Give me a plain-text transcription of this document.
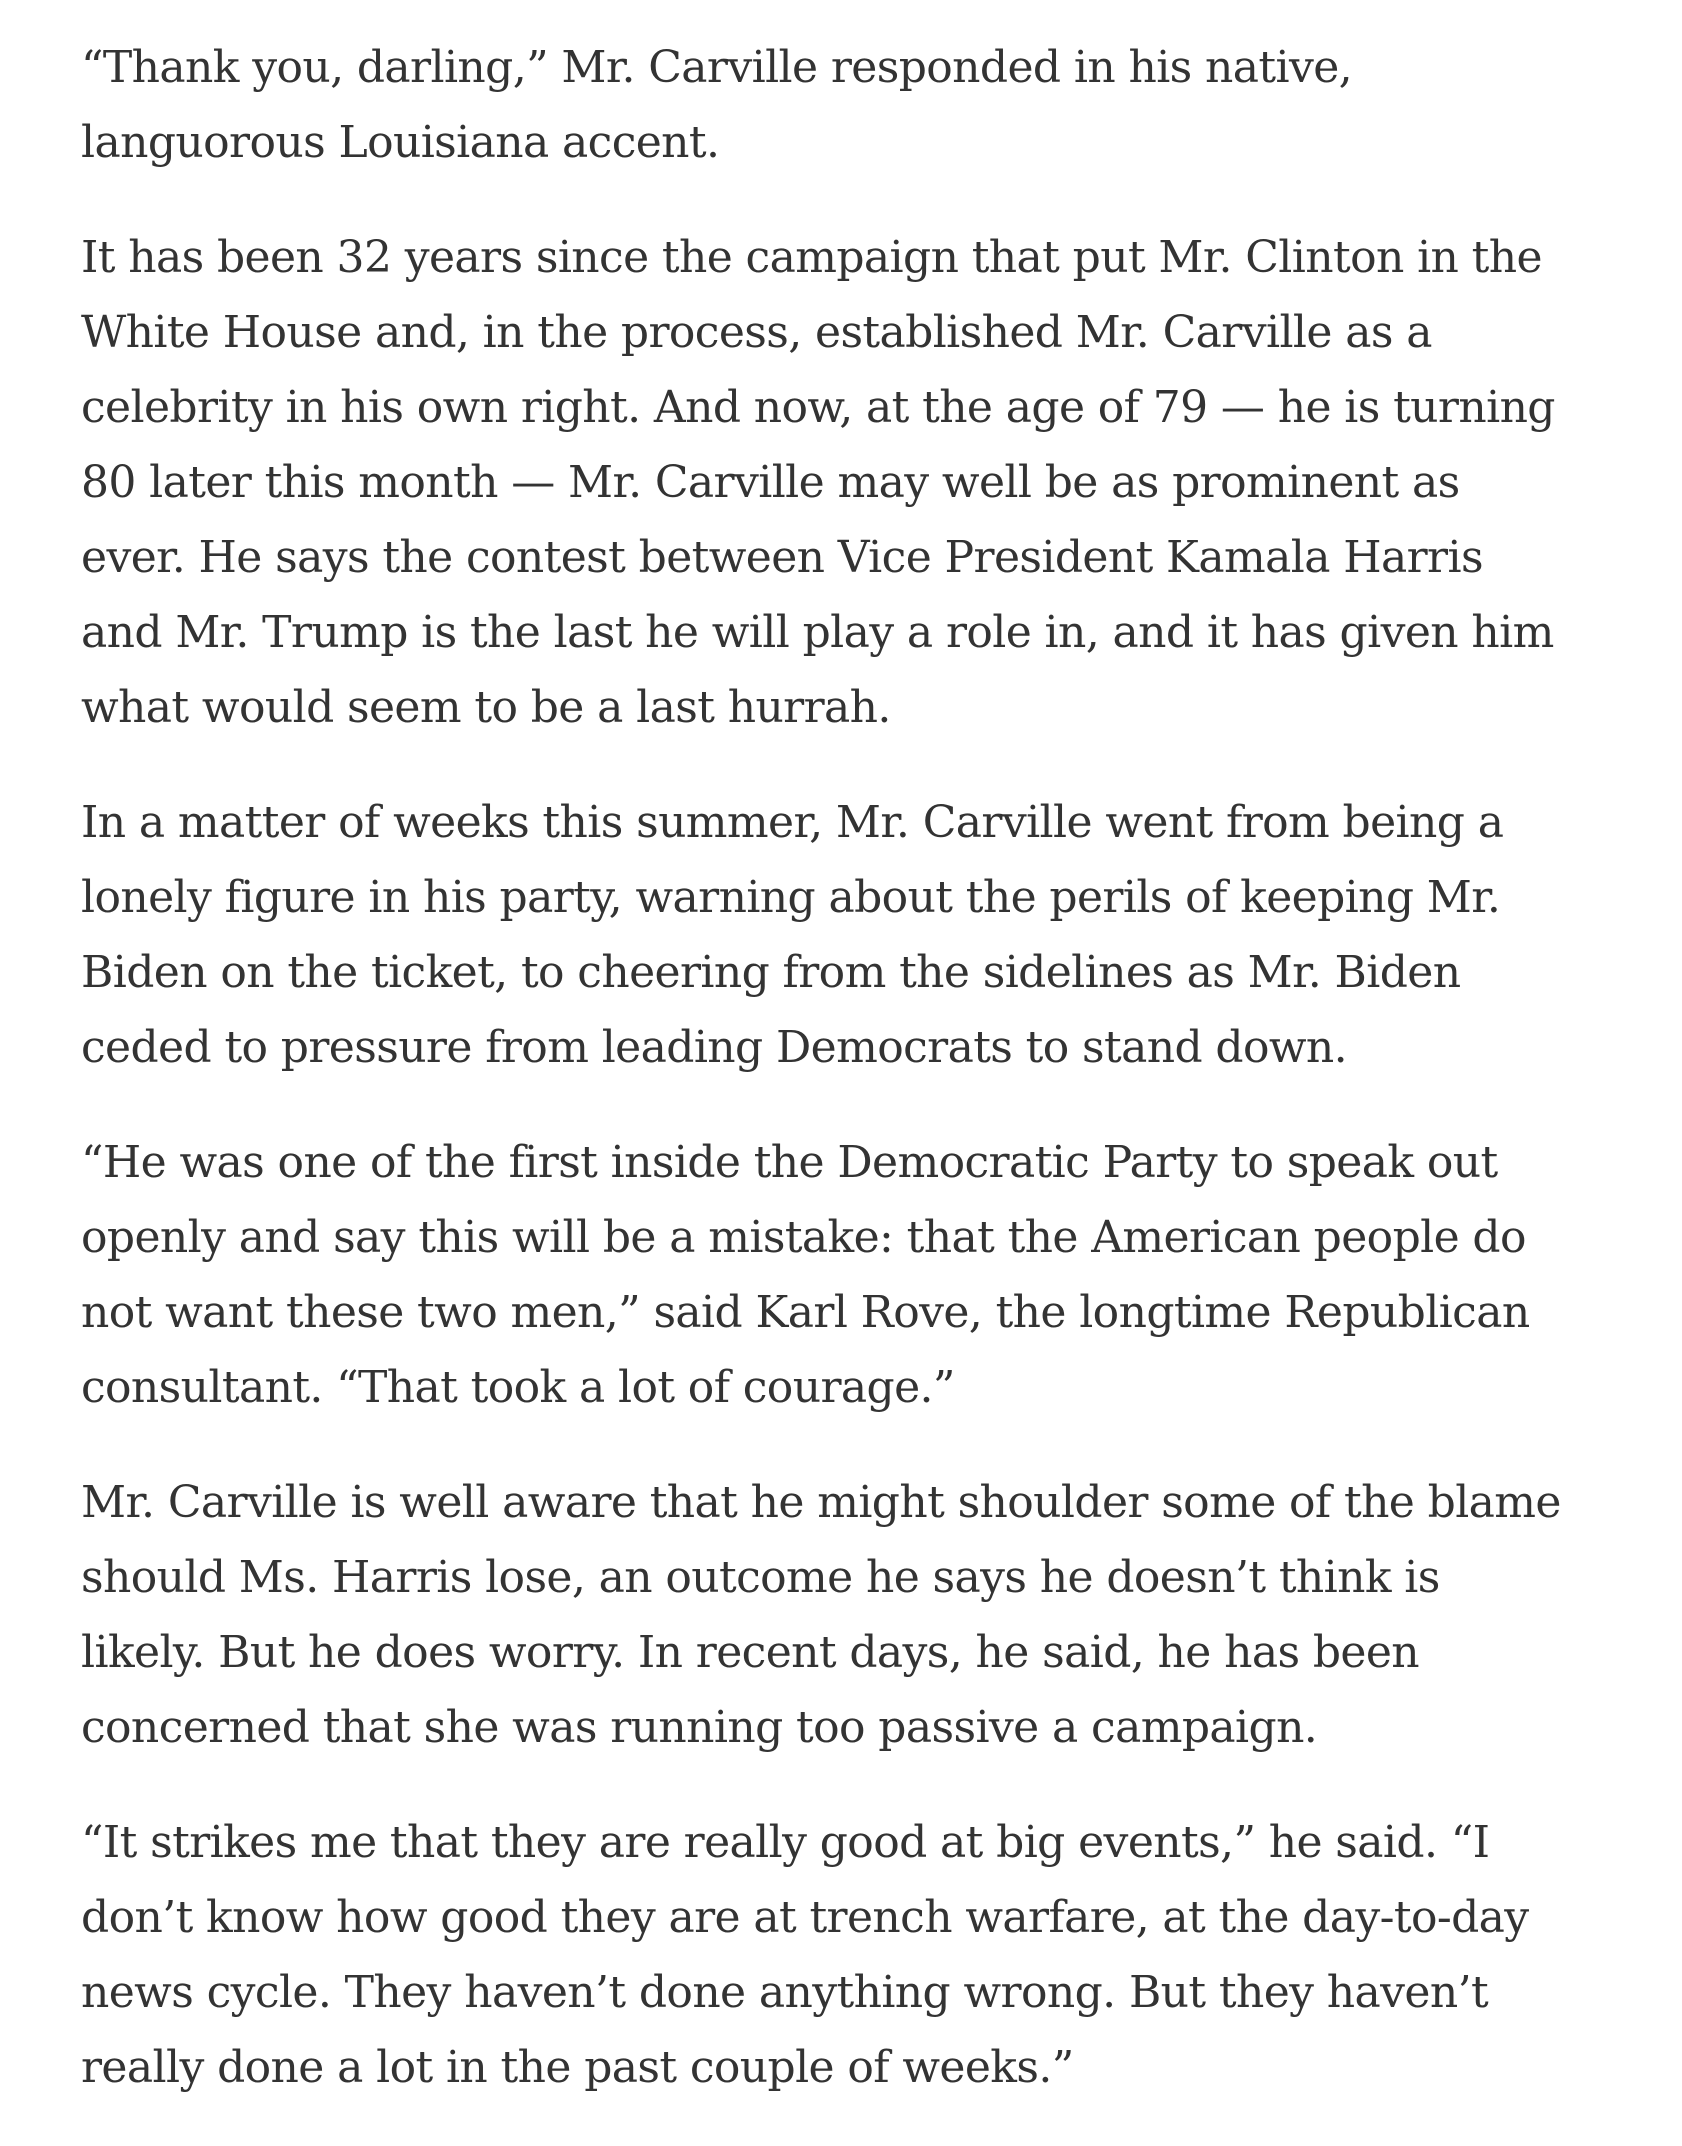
“Thank you, darling,” Mr. Carville responded in his native,
languorous Louisiana accent.

It has been 32 years since the campaign that put Mr. Clinton in the
White House and, in the process, established Mr. Carville as a
celebrity in his own right. And now, at the age of 79 — he is turning
80 later this month — Mr. Carville may well be as prominent as
ever. He says the contest between Vice President Kamala Harris
and Mr. Trump is the last he will play a role in, and it has given him
what would seem to be a last hurrah.

In a matter of weeks this summer, Mr. Carville went from being a
lonely figure in his party, warning about the perils of keeping Mr.
Biden on the ticket, to cheering from the sidelines as Mr. Biden
ceded to pressure from leading Democrats to stand down.

“He was one of the first inside the Democratic Party to speak out
openly and say this will be a mistake: that the American people do
not want these two men,” said Karl Rove, the longtime Republican
consultant. “That took a lot of courage.”

Mr. Carville is well aware that he might shoulder some of the blame
should Ms. Harris lose, an outcome he says he doesn’t think is
likely. But he does worry. In recent days, he said, he has been
concerned that she was running too passive a campaign.

“It strikes me that they are really good at big events,” he said. “I
don’t know how good they are at trench warfare, at the day-to-day
news cycle. They haven’t done anything wrong. But they haven’t
really done a lot in the past couple of weeks.”
